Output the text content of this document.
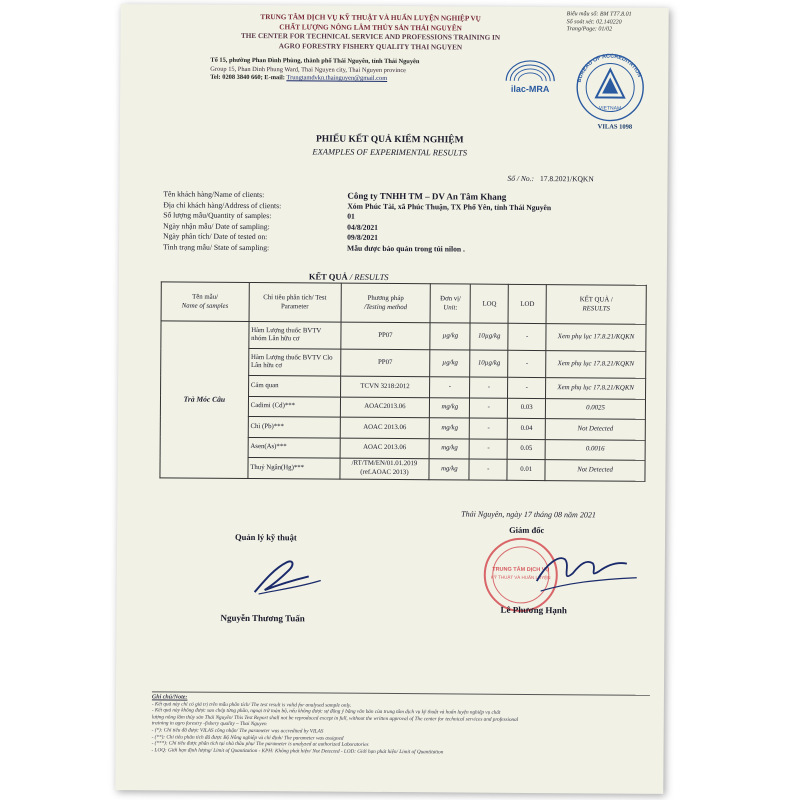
TRUNG TÂM DỊCH VỤ KỸ THUẬT VÀ HUẤN LUYỆN NGHIỆP VỤ
CHẤT LƯỢNG NÔNG LÂM THỦY SẢN THÁI NGUYÊN
THE CENTER FOR TECHNICAL SERVICE AND PROFESSIONS TRAINING IN
AGRO FORESTRY FISHERY QUALITY THAI NGUYEN
Tổ 15, phường Phan Đình Phùng, thành phố Thái Nguyên, tỉnh Thái Nguyên
Group 15, Phan Dinh Phung Ward, Thai Nguyen city, Thai Nguyen province
Tel: 0208 3840 660; E-mail: Trungtamdvkn.thainguyen@gmail.com
Biểu mẫu số: BM TT7.8.01
Số soát xét: 02.140220
Trang/Page: 01/02
ilac-MRA
BUREAU OF ACCREDITATION
VIETNAM
VILAS 1098
PHIẾU KẾT QUẢ KIỂM NGHIỆM
EXAMPLES OF EXPERIMENTAL RESULTS
Số / No.: 17.8.2021/KQKN
Tên khách hàng/Name of clients:	Công ty TNHH TM – DV An Tâm Khang
Địa chỉ khách hàng/Address of clients:	Xóm Phúc Tài, xã Phúc Thuận, TX Phổ Yên, tỉnh Thái Nguyên
Số lượng mẫu/Quantity of samples:	01
Ngày nhận mẫu/ Date of sampling:	04/8/2021
Ngày phân tích/ Date of tested on:	09/8/2021
Tình trạng mẫu/ State of sampling:	Mẫu được bảo quản trong túi nilon .
KẾT QUẢ / RESULTS
Tên mẫu/
Name of samples	Chỉ tiêu phân tích/ Test Parameter	Phương pháp
/Testing method	Đơn vị/
Unit:	LOQ	LOD	KẾT QUẢ /
RESULTS
Trà Móc Câu	Hàm Lượng thuốc BVTV nhóm Lân hữu cơ	PP07	µg/kg	10µg/kg	-	Xem phụ lục 17.8.21/KQKN
	Hàm Lượng thuốc BVTV Clo Lân hữu cơ	PP07	µg/kg	10µg/kg	-	Xem phụ lục 17.8.21/KQKN
	Cảm quan	TCVN 3218:2012	-	-	-	Xem phụ lục 17.8.21/KQKN
	Cadimi (Cd)***	AOAC2013.06	mg/kg	-	0.03	0.0025
	Chì (Pb)***	AOAC 2013.06	mg/kg	-	0.04	Not Detected
	Asen(As)***	AOAC 2013.06	mg/kg	-	0.05	0.0016
	Thuỷ Ngân(Hg)***	/RT/TM/EN/01.01.2019 (ref.AOAC 2013)	mg/kg	-	0.01	Not Detected
Thái Nguyên, ngày 17 tháng 08 năm 2021
Quản lý kỹ thuật
Nguyễn Thương Tuấn
Giám đốc
TRUNG TÂM DỊCH VỤ
KỸ THUẬT VÀ HUẤN LUYỆN
Lê Phương Hạnh
Ghi chú/Note:
- Kết quả này chỉ có giá trị trên mẫu phân tích/ The test result is valid for analysed sample only.
- Kết quả này không được sao chép từng phần, ngoại trừ toàn bộ, nếu không được sự đồng ý bằng văn bản của trung tâm dịch vụ kỹ thuật và huấn luyện nghiệp vụ chất
lượng nông lâm thủy sản Thái Nguyên/ This Test Report shall not be reproduced except in full, without the written approval of The center for technical services and professional
training in agro forestry -fishery quality – Thai Nguyen
- (*): Chỉ tiêu đã được VILAS công nhận/ The parameter was accredited by VILAS
- (**): Chỉ tiêu phân tích đã được Bộ Nông nghiệp và chỉ định/ The parameter was assigned
- (***): Chỉ tiêu được phân tích tại nhà thầu phụ/ The parameter is analyzed at authorized Laboratories
- LOQ: Giới hạn định lượng/ Limit of Quantitation - KPH: Không phát hiện/ Not Detected - LOD: Giới hạn phát hiện/ Limit of Quantitation
